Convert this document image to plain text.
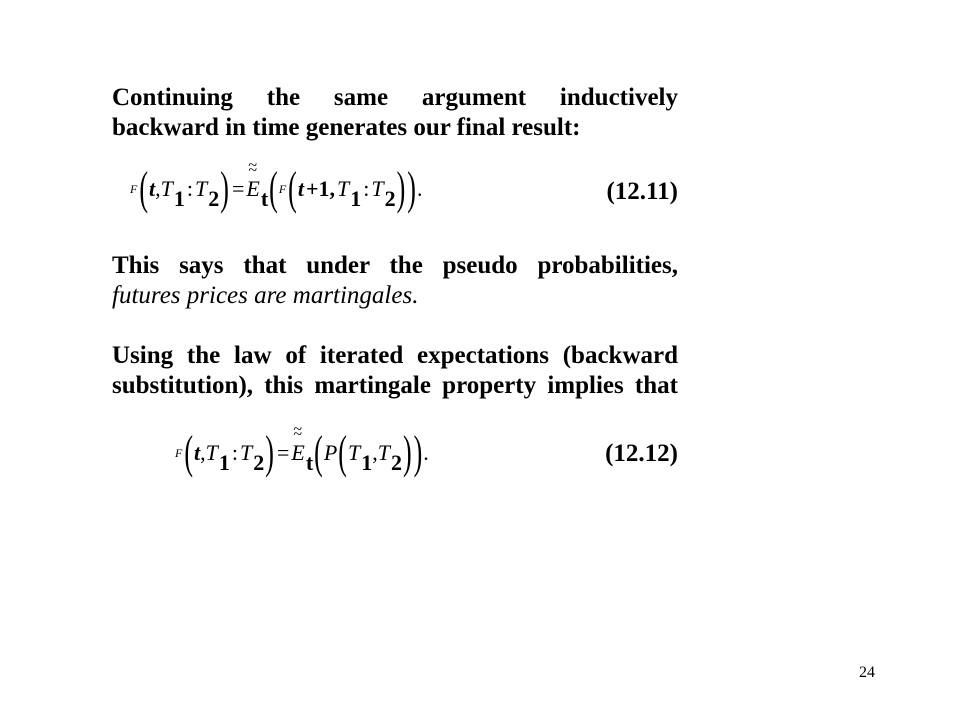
Continuing the same argument inductively
backward in time generates our final result:
F ( t , T 1 : T 2 ) = ~ E ~ t ( F ( t +1, T 1 : T 2 ) ) .	(12.11)
This says that under the pseudo probabilities,
futures prices are martingales.
Using the law of iterated expectations (backward
substitution), this martingale property implies that
F ( t , T 1 : T 2 ) = ~ E ~ t ( P ( T 1 , T 2 ) ) .	(12.12)
24
